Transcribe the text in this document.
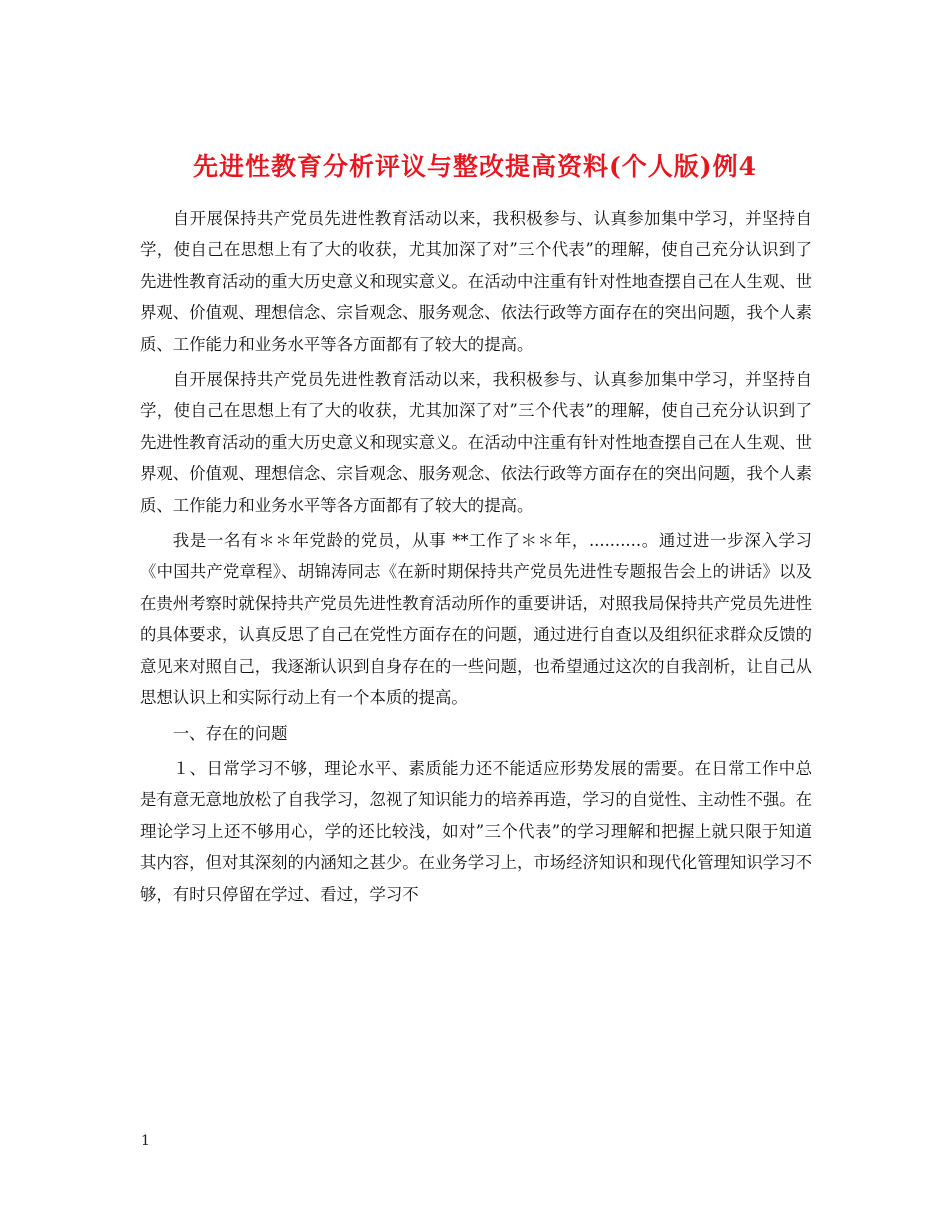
先进性教育分析评议与整改提高资料(个人版)例4

自开展保持共产党员先进性教育活动以来，我积极参与、认真参加集中学习，并坚持自学，使自己在思想上有了大的收获，尤其加深了对”三个代表”的理解，使自己充分认识到了先进性教育活动的重大历史意义和现实意义。在活动中注重有针对性地查摆自己在人生观、世界观、价值观、理想信念、宗旨观念、服务观念、依法行政等方面存在的突出问题，我个人素质、工作能力和业务水平等各方面都有了较大的提高。

自开展保持共产党员先进性教育活动以来，我积极参与、认真参加集中学习，并坚持自学，使自己在思想上有了大的收获，尤其加深了对”三个代表”的理解，使自己充分认识到了先进性教育活动的重大历史意义和现实意义。在活动中注重有针对性地查摆自己在人生观、世界观、价值观、理想信念、宗旨观念、服务观念、依法行政等方面存在的突出问题，我个人素质、工作能力和业务水平等各方面都有了较大的提高。

我是一名有＊＊年党龄的党员，从事 **工作了＊＊年，..........。通过进一步深入学习 《中国共产党章程》、胡锦涛同志《在新时期保持共产党员先进性专题报告会上的讲话》以及在贵州考察时就保持共产党员先进性教育活动所作的重要讲话，对照我局保持共产党员先进性的具体要求，认真反思了自己在党性方面存在的问题，通过进行自查以及组织征求群众反馈的意见来对照自己，我逐渐认识到自身存在的一些问题，也希望通过这次的自我剖析，让自己从思想认识上和实际行动上有一个本质的提高。

一、存在的问题

１、日常学习不够，理论水平、素质能力还不能适应形势发展的需要。在日常工作中总是有意无意地放松了自我学习，忽视了知识能力的培养再造，学习的自觉性、主动性不强。在理论学习上还不够用心，学的还比较浅，如对”三个代表”的学习理解和把握上就只限于知道其内容，但对其深刻的内涵知之甚少。在业务学习上，市场经济知识和现代化管理知识学习不够，有时只停留在学过、看过，学习不

1
